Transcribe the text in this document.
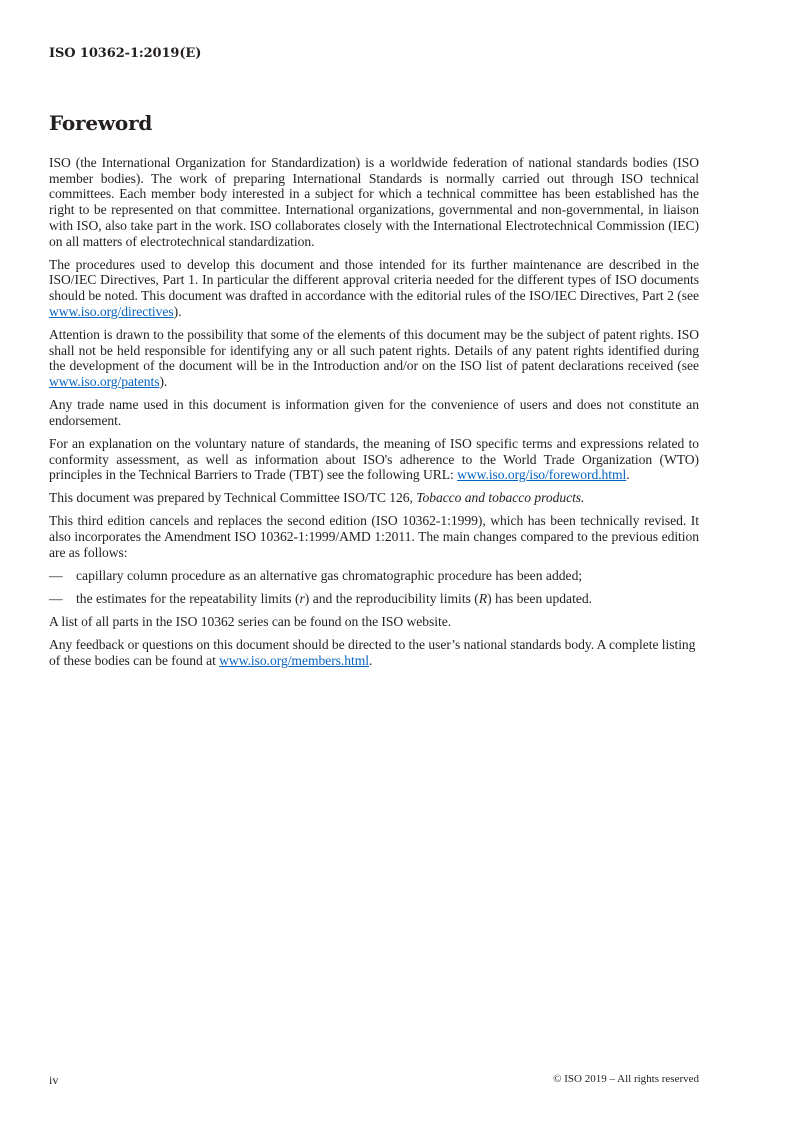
ISO 10362-1:2019(E)
Foreword

ISO (the International Organization for Standardization) is a worldwide federation of national standards bodies (ISO member bodies). The work of preparing International Standards is normally carried out through ISO technical committees. Each member body interested in a subject for which a technical committee has been established has the right to be represented on that committee. International organizations, governmental and non-governmental, in liaison with ISO, also take part in the work. ISO collaborates closely with the International Electrotechnical Commission (IEC) on all matters of electrotechnical standardization.

The procedures used to develop this document and those intended for its further maintenance are described in the ISO/IEC Directives, Part 1. In particular the different approval criteria needed for the different types of ISO documents should be noted. This document was drafted in accordance with the editorial rules of the ISO/IEC Directives, Part 2 (see www.iso.org/directives).

Attention is drawn to the possibility that some of the elements of this document may be the subject of patent rights. ISO shall not be held responsible for identifying any or all such patent rights. Details of any patent rights identified during the development of the document will be in the Introduction and/or on the ISO list of patent declarations received (see www.iso.org/patents).

Any trade name used in this document is information given for the convenience of users and does not constitute an endorsement.

For an explanation on the voluntary nature of standards, the meaning of ISO specific terms and expressions related to conformity assessment, as well as information about ISO's adherence to the World Trade Organization (WTO) principles in the Technical Barriers to Trade (TBT) see the following URL: www.iso.org/iso/foreword.html.

This document was prepared by Technical Committee ISO/TC 126, Tobacco and tobacco products.

This third edition cancels and replaces the second edition (ISO 10362-1:1999), which has been technically revised. It also incorporates the Amendment ISO 10362-1:1999/AMD 1:2011. The main changes compared to the previous edition are as follows:

— capillary column procedure as an alternative gas chromatographic procedure has been added;
— the estimates for the repeatability limits (r) and the reproducibility limits (R) has been updated.

A list of all parts in the ISO 10362 series can be found on the ISO website.

Any feedback or questions on this document should be directed to the user’s national standards body. A complete listing of these bodies can be found at www.iso.org/members.html.

iv	© ISO 2019 – All rights reserved
